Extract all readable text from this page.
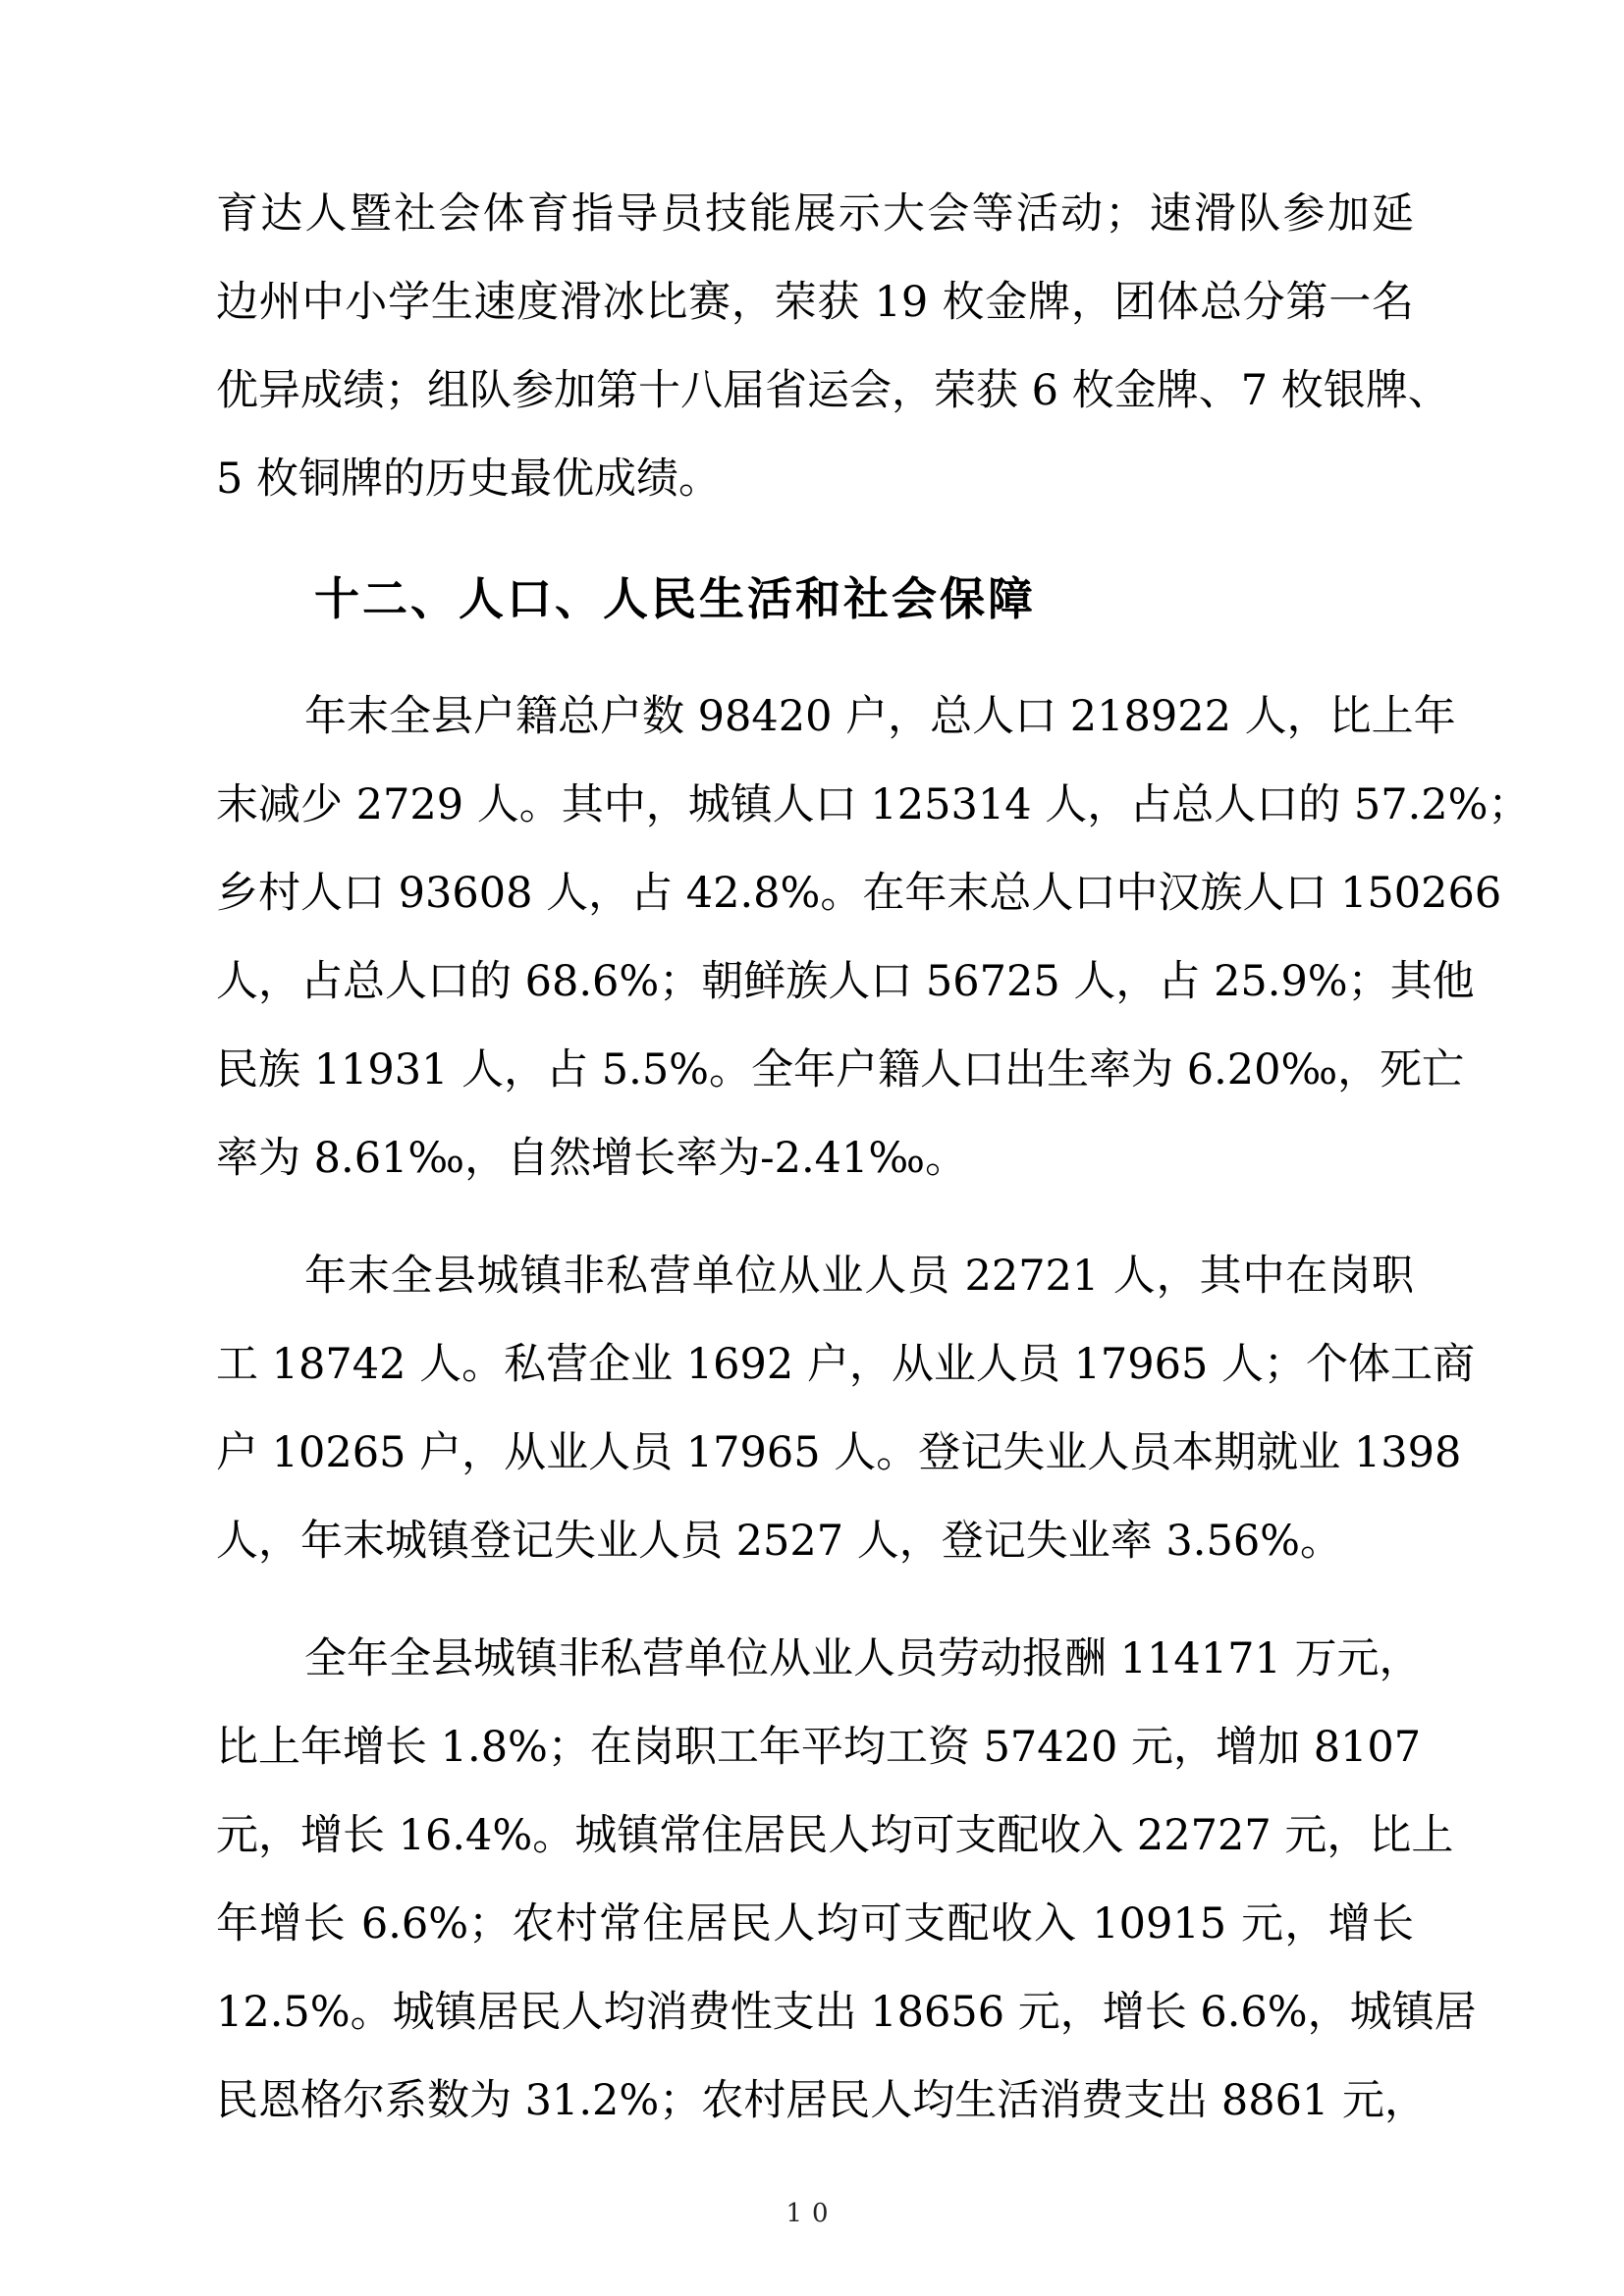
育达人暨社会体育指导员技能展示大会等活动；速滑队参加延
边州中小学生速度滑冰比赛，荣获 19 枚金牌，团体总分第一名
优异成绩；组队参加第十八届省运会，荣获 6 枚金牌、7 枚银牌、
5 枚铜牌的历史最优成绩。
十二、人口、人民生活和社会保障
年末全县户籍总户数 98420 户，总人口 218922 人，比上年
末减少 2729 人。其中，城镇人口 125314 人，占总人口的 57.2%；
乡村人口 93608 人，占 42.8%。在年末总人口中汉族人口 150266
人，占总人口的 68.6%；朝鲜族人口 56725 人，占 25.9%；其他
民族 11931 人，占 5.5%。全年户籍人口出生率为 6.20‰，死亡
率为 8.61‰，自然增长率为-2.41‰。
年末全县城镇非私营单位从业人员 22721 人，其中在岗职
工 18742 人。私营企业 1692 户，从业人员 17965 人；个体工商
户 10265 户，从业人员 17965 人。登记失业人员本期就业 1398
人，年末城镇登记失业人员 2527 人，登记失业率 3.56%。
全年全县城镇非私营单位从业人员劳动报酬 114171 万元，
比上年增长 1.8%；在岗职工年平均工资 57420 元，增加 8107
元，增长 16.4%。城镇常住居民人均可支配收入 22727 元，比上
年增长 6.6%；农村常住居民人均可支配收入 10915 元，增长
12.5%。城镇居民人均消费性支出 18656 元，增长 6.6%，城镇居
民恩格尔系数为 31.2%；农村居民人均生活消费支出 8861 元，
10
